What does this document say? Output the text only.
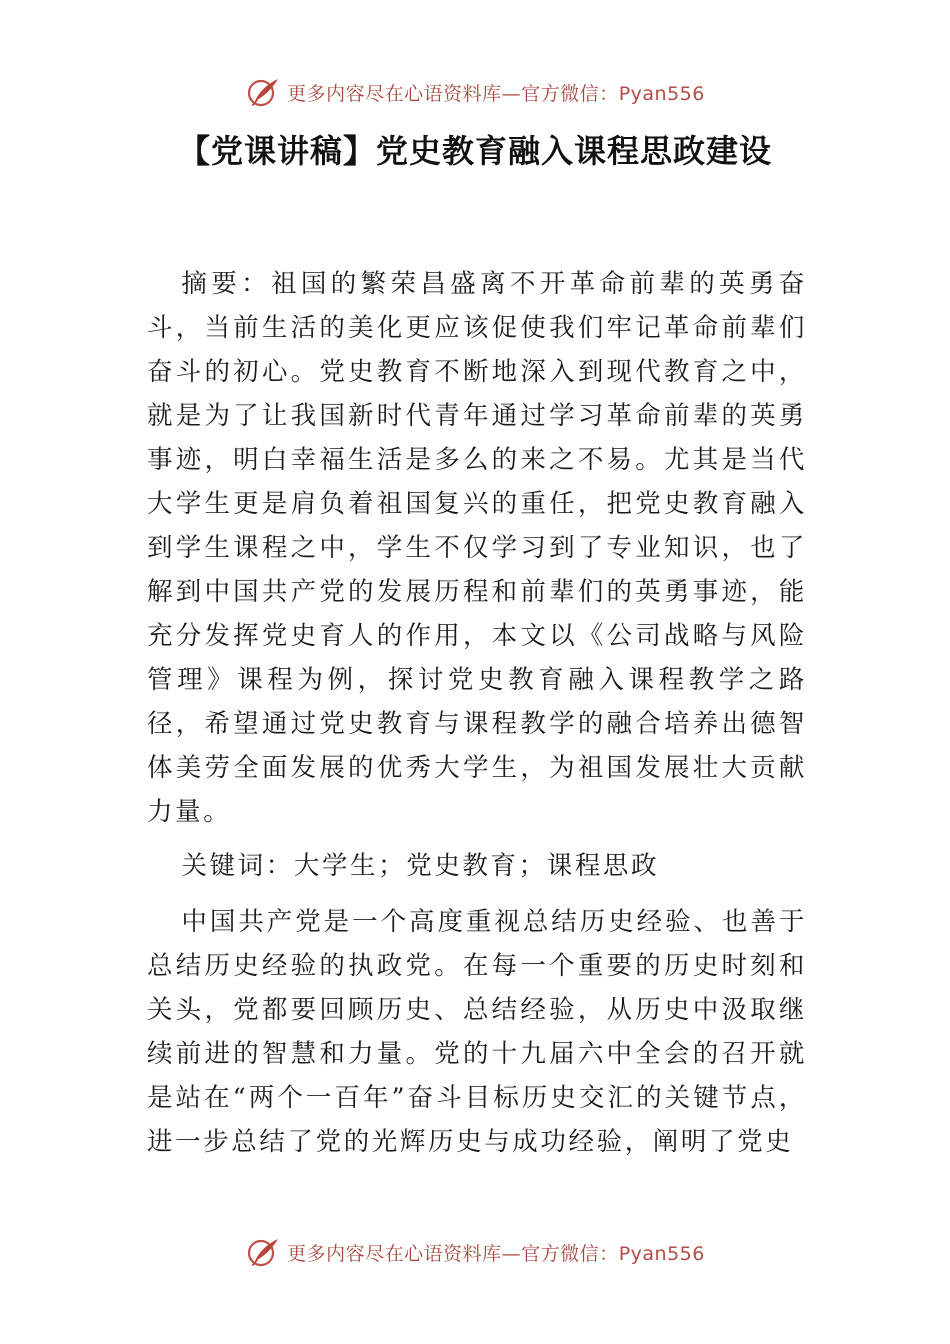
更多内容尽在心语资料库—官方微信：Pyan556
【党课讲稿】党史教育融入课程思政建设

摘要：祖国的繁荣昌盛离不开革命前辈的英勇奋斗，当前生活的美化更应该促使我们牢记革命前辈们奋斗的初心。党史教育不断地深入到现代教育之中，就是为了让我国新时代青年通过学习革命前辈的英勇事迹，明白幸福生活是多么的来之不易。尤其是当代大学生更是肩负着祖国复兴的重任，把党史教育融入到学生课程之中，学生不仅学习到了专业知识，也了解到中国共产党的发展历程和前辈们的英勇事迹，能充分发挥党史育人的作用，本文以《公司战略与风险管理》课程为例，探讨党史教育融入课程教学之路径，希望通过党史教育与课程教学的融合培养出德智体美劳全面发展的优秀大学生，为祖国发展壮大贡献力量。

关键词：大学生；党史教育；课程思政

中国共产党是一个高度重视总结历史经验、也善于总结历史经验的执政党。在每一个重要的历史时刻和关头，党都要回顾历史、总结经验，从历史中汲取继续前进的智慧和力量。党的十九届六中全会的召开就是站在“两个一百年”奋斗目标历史交汇的关键节点，进一步总结了党的光辉历史与成功经验，阐明了党史

更多内容尽在心语资料库—官方微信：Pyan556
